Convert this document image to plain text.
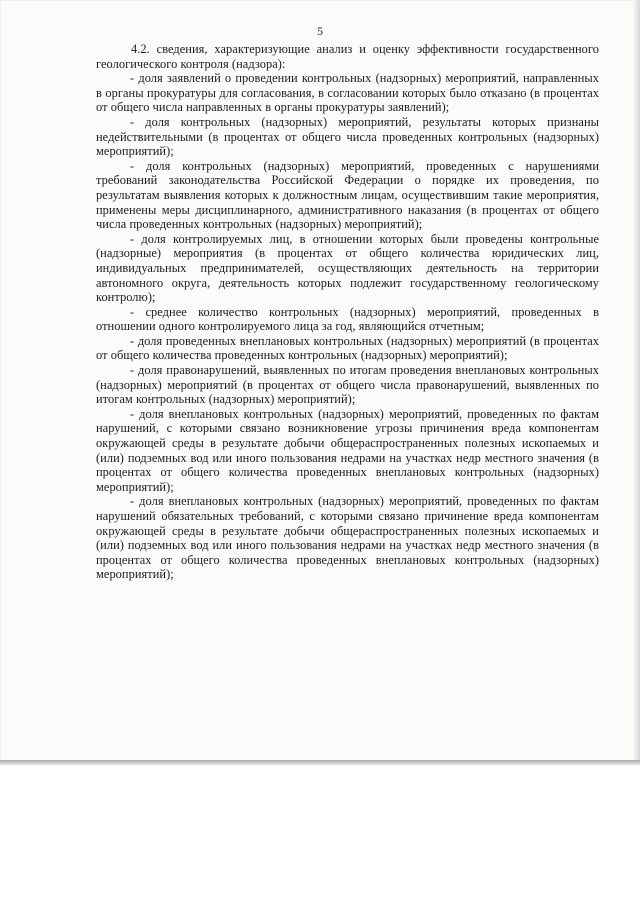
5

4.2. сведения, характеризующие анализ и оценку эффективности государственного геологического контроля (надзора):

- доля заявлений о проведении контрольных (надзорных) мероприятий, направленных в органы прокуратуры для согласования, в согласовании которых было отказано (в процентах от общего числа направленных в органы прокуратуры заявлений);

- доля контрольных (надзорных) мероприятий, результаты которых признаны недействительными (в процентах от общего числа проведенных контрольных (надзорных) мероприятий);

- доля контрольных (надзорных) мероприятий, проведенных с нарушениями требований законодательства Российской Федерации о порядке их проведения, по результатам выявления которых к должностным лицам, осуществившим такие мероприятия, применены меры дисциплинарного, административного наказания (в процентах от общего числа проведенных контрольных (надзорных) мероприятий);

- доля контролируемых лиц, в отношении которых были проведены контрольные (надзорные) мероприятия (в процентах от общего количества юридических лиц, индивидуальных предпринимателей, осуществляющих деятельность на территории автономного округа, деятельность которых подлежит государственному геологическому контролю);

- среднее количество контрольных (надзорных) мероприятий, проведенных в отношении одного контролируемого лица за год, являющийся отчетным;

- доля проведенных внеплановых контрольных (надзорных) мероприятий (в процентах от общего количества проведенных контрольных (надзорных) мероприятий);

- доля правонарушений, выявленных по итогам проведения внеплановых контрольных (надзорных) мероприятий (в процентах от общего числа правонарушений, выявленных по итогам контрольных (надзорных) мероприятий);

- доля внеплановых контрольных (надзорных) мероприятий, проведенных по фактам нарушений, с которыми связано возникновение угрозы причинения вреда компонентам окружающей среды в результате добычи общераспространенных полезных ископаемых и (или) подземных вод или иного пользования недрами на участках недр местного значения (в процентах от общего количества проведенных внеплановых контрольных (надзорных) мероприятий);

- доля внеплановых контрольных (надзорных) мероприятий, проведенных по фактам нарушений обязательных требований, с которыми связано причинение вреда компонентам окружающей среды в результате добычи общераспространенных полезных ископаемых и (или) подземных вод или иного пользования недрами на участках недр местного значения (в процентах от общего количества проведенных внеплановых контрольных (надзорных) мероприятий);
